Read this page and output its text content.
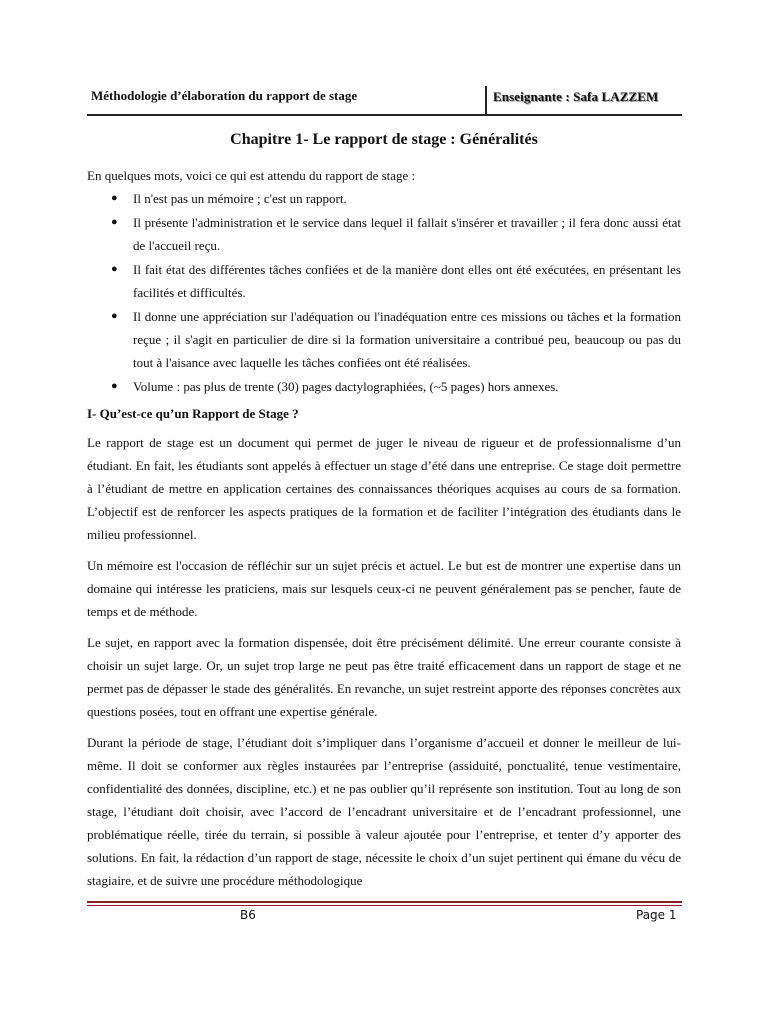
Méthodologie d’élaboration du rapport de stage	Enseignante : Safa LAZZEM
Chapitre 1- Le rapport de stage : Généralités

En quelques mots, voici ce qui est attendu du rapport de stage :

● Il n'est pas un mémoire ; c'est un rapport.
● Il présente l'administration et le service dans lequel il fallait s'insérer et travailler ; il fera donc aussi état de l'accueil reçu.
● Il fait état des différentes tâches confiées et de la manière dont elles ont été exécutées, en présentant les facilités et difficultés.
● Il donne une appréciation sur l'adéquation ou l'inadéquation entre ces missions ou tâches et la formation reçue ; il s'agit en particulier de dire si la formation universitaire a contribué peu, beaucoup ou pas du tout à l'aisance avec laquelle les tâches confiées ont été réalisées.
● Volume : pas plus de trente (30) pages dactylographiées, (~5 pages) hors annexes.
I- Qu’est-ce qu’un Rapport de Stage ?

Le rapport de stage est un document qui permet de juger le niveau de rigueur et de professionnalisme d’un étudiant. En fait, les étudiants sont appelés à effectuer un stage d’été dans une entreprise. Ce stage doit permettre à l’étudiant de mettre en application certaines des connaissances théoriques acquises au cours de sa formation. L’objectif est de renforcer les aspects pratiques de la formation et de faciliter l’intégration des étudiants dans le milieu professionnel.

Un mémoire est l'occasion de réfléchir sur un sujet précis et actuel. Le but est de montrer une expertise dans un domaine qui intéresse les praticiens, mais sur lesquels ceux-ci ne peuvent généralement pas se pencher, faute de temps et de méthode.

Le sujet, en rapport avec la formation dispensée, doit être précisément délimité. Une erreur courante consiste à choisir un sujet large. Or, un sujet trop large ne peut pas être traité efficacement dans un rapport de stage et ne permet pas de dépasser le stade des généralités. En revanche, un sujet restreint apporte des réponses concrètes aux questions posées, tout en offrant une expertise générale.

Durant la période de stage, l’étudiant doit s’impliquer dans l’organisme d’accueil et donner le meilleur de lui-même. Il doit se conformer aux règles instaurées par l’entreprise (assiduité, ponctualité, tenue vestimentaire, confidentialité des données, discipline, etc.) et ne pas oublier qu’il représente son institution. Tout au long de son stage, l’étudiant doit choisir, avec l’accord de l’encadrant universitaire et de l’encadrant professionnel, une problématique réelle, tirée du terrain, si possible à valeur ajoutée pour l’entreprise, et tenter d’y apporter des solutions. En fait, la rédaction d’un rapport de stage, nécessite le choix d’un sujet pertinent qui émane du vécu de stagiaire, et de suivre une procédure méthodologique

B6	Page 1
